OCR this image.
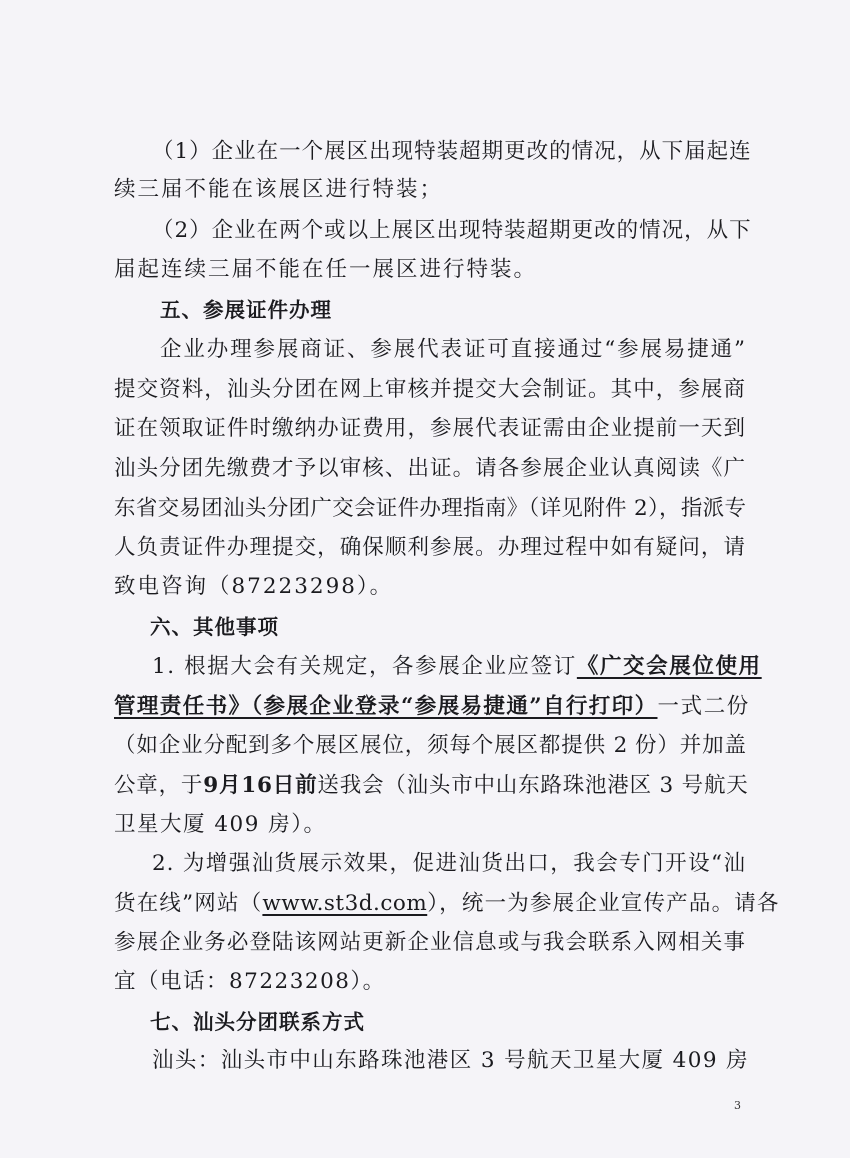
（1）企业在一个展区出现特装超期更改的情况，从下届起连
续三届不能在该展区进行特装；
（2）企业在两个或以上展区出现特装超期更改的情况，从下
届起连续三届不能在任一展区进行特装。
五、参展证件办理
企业办理参展商证、参展代表证可直接通过“参展易捷通”
提交资料，汕头分团在网上审核并提交大会制证。其中，参展商
证在领取证件时缴纳办证费用，参展代表证需由企业提前一天到
汕头分团先缴费才予以审核、出证。请各参展企业认真阅读《广
东省交易团汕头分团广交会证件办理指南》（详见附件 2），指派专
人负责证件办理提交，确保顺利参展。办理过程中如有疑问，请
致电咨询（87223298）。
六、其他事项
1. 根据大会有关规定，各参展企业应签订《广交会展位使用
管理责任书》（参展企业登录“参展易捷通”自行打印）一式二份
（如企业分配到多个展区展位，须每个展区都提供 2 份）并加盖
公章，于9月16日前送我会（汕头市中山东路珠池港区 3 号航天
卫星大厦 409 房）。
2. 为增强汕货展示效果，促进汕货出口，我会专门开设“汕
货在线”网站（www.st3d.com），统一为参展企业宣传产品。请各
参展企业务必登陆该网站更新企业信息或与我会联系入网相关事
宜（电话：87223208）。
七、汕头分团联系方式
汕头：汕头市中山东路珠池港区 3 号航天卫星大厦 409 房
3
